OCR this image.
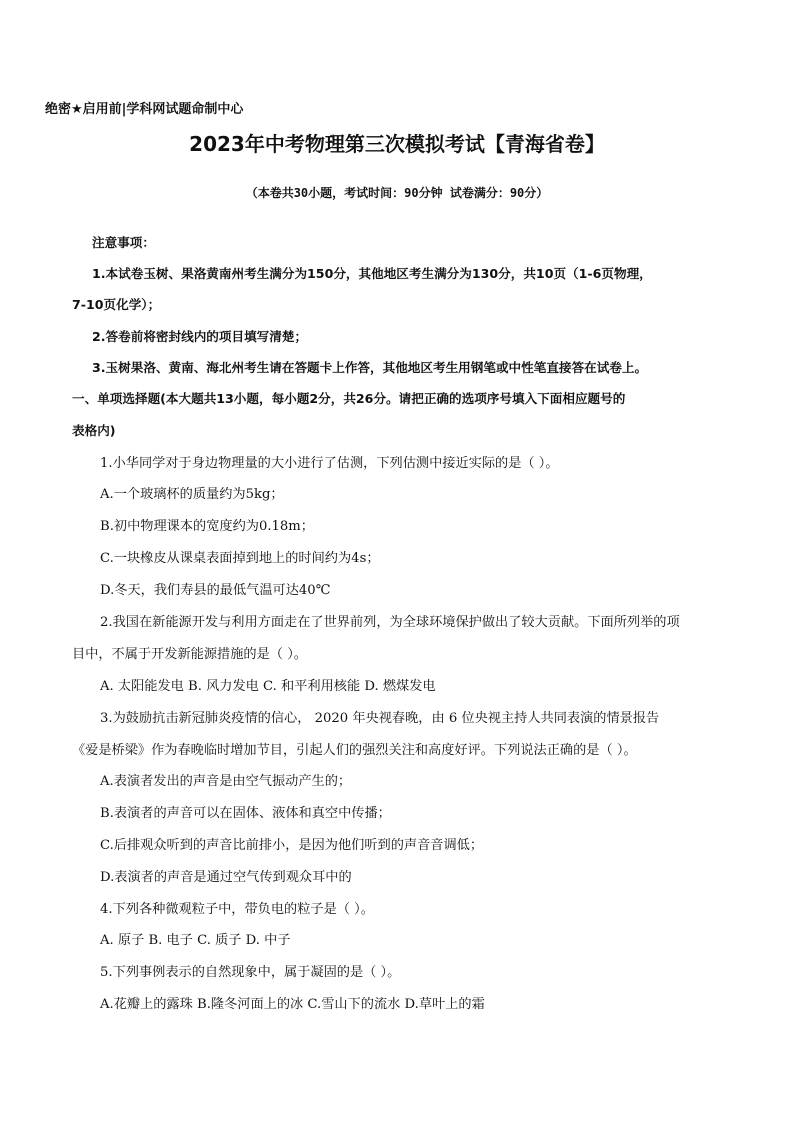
绝密★启用前|学科网试题命制中心
2023年中考物理第三次模拟考试【青海省卷】
（本卷共30小题，考试时间：90分钟 试卷满分：90分）
注意事项：
1.本试卷玉树、果洛黄南州考生满分为150分，其他地区考生满分为130分，共10页（1-6页物理，
7-10页化学）；
2.答卷前将密封线内的项目填写清楚；
3.玉树果洛、黄南、海北州考生请在答题卡上作答，其他地区考生用钢笔或中性笔直接答在试卷上。
一、单项选择题(本大题共13小题，每小题2分，共26分。请把正确的选项序号填入下面相应题号的
表格内)
1.小华同学对于身边物理量的大小进行了估测，下列估测中接近实际的是（ ）。
A.一个玻璃杯的质量约为5kg；
B.初中物理课本的宽度约为0.18m；
C.一块橡皮从课桌表面掉到地上的时间约为4s；
D.冬天，我们寿县的最低气温可达40℃
2.我国在新能源开发与利用方面走在了世界前列，为全球环境保护做出了较大贡献。下面所列举的项
目中，不属于开发新能源措施的是（ ）。
A. 太阳能发电 B. 风力发电 C. 和平利用核能 D. 燃煤发电
3.为鼓励抗击新冠肺炎疫情的信心， 2020 年央视春晚，由 6 位央视主持人共同表演的情景报告
《爱是桥梁》作为春晚临时增加节目，引起人们的强烈关注和高度好评。下列说法正确的是（ ）。
A.表演者发出的声音是由空气振动产生的；
B.表演者的声音可以在固体、液体和真空中传播；
C.后排观众听到的声音比前排小，是因为他们听到的声音音调低；
D.表演者的声音是通过空气传到观众耳中的
4.下列各种微观粒子中，带负电的粒子是（ ）。
A. 原子 B. 电子 C. 质子 D. 中子
5.下列事例表示的自然现象中，属于凝固的是（ ）。
A.花瓣上的露珠 B.隆冬河面上的冰 C.雪山下的流水 D.草叶上的霜
